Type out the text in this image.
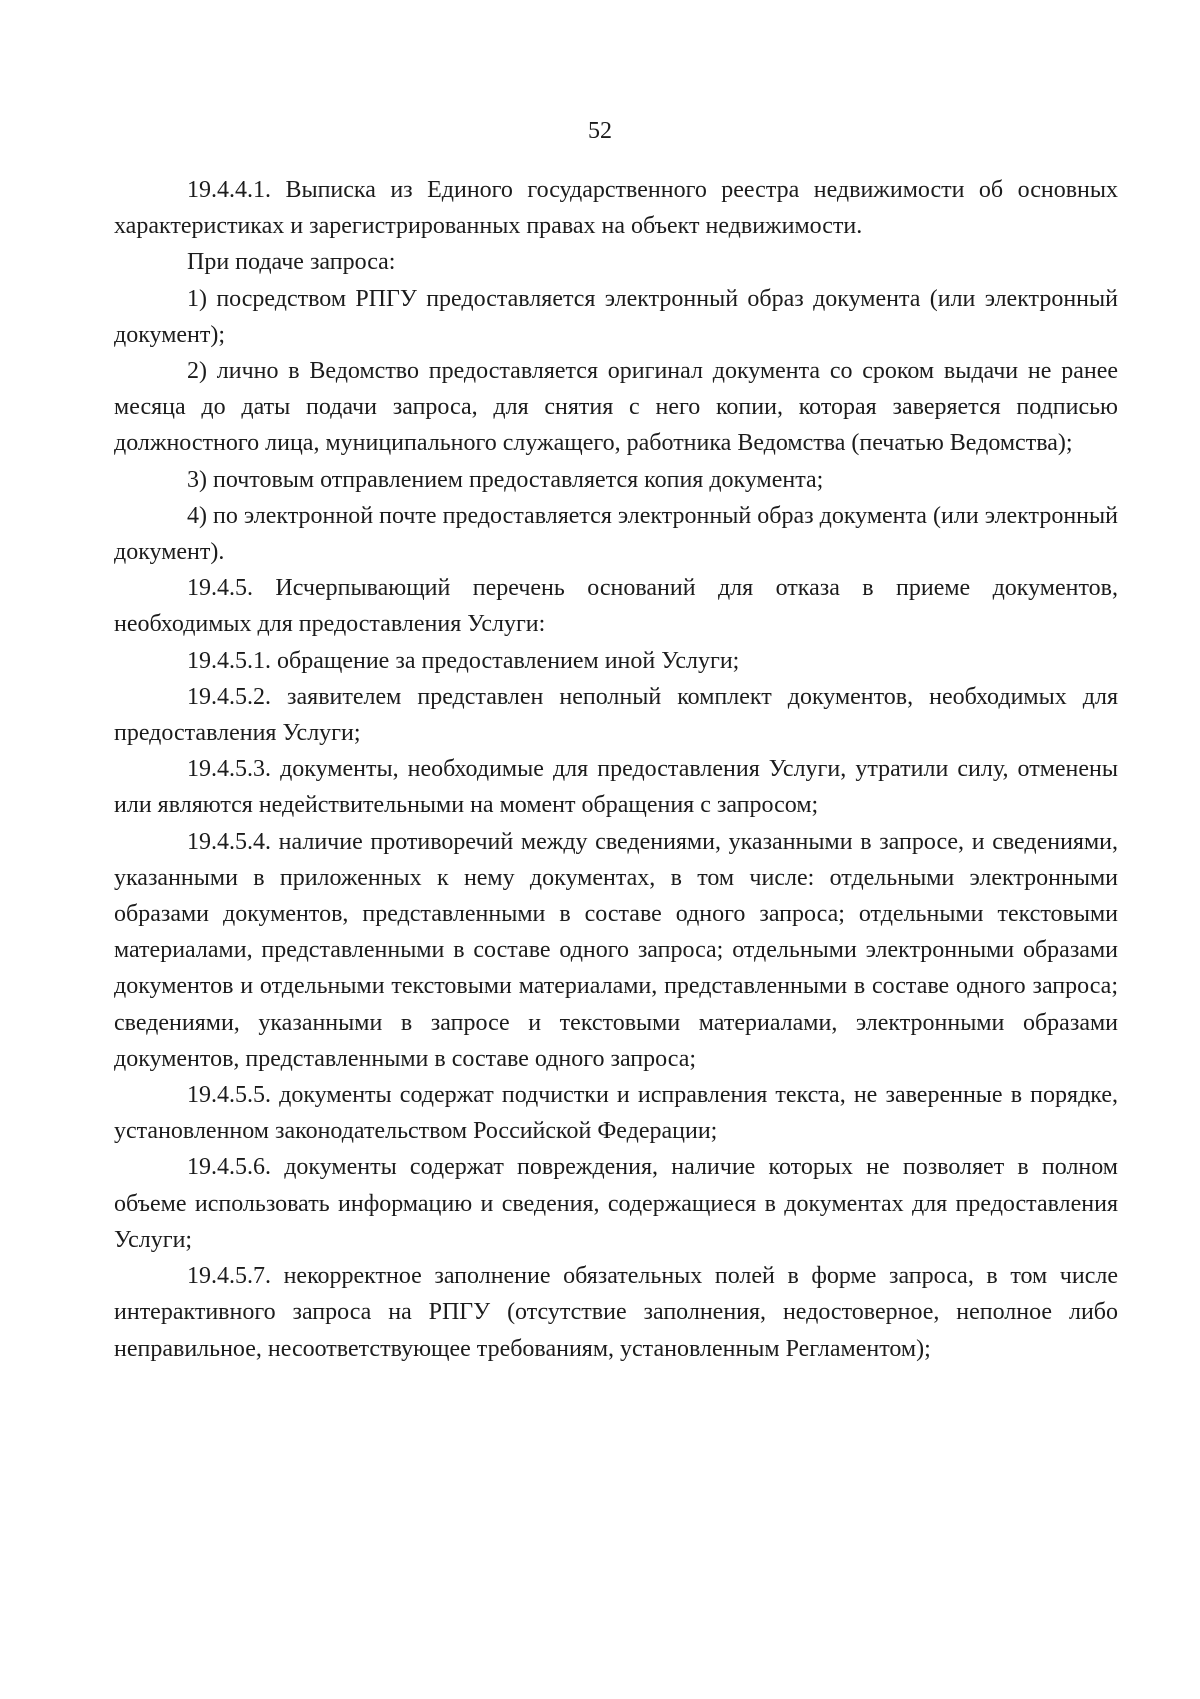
52

19.4.4.1. Выписка из Единого государственного реестра недвижимости об основных характеристиках и зарегистрированных правах на объект недвижимости.

При подаче запроса:

1) посредством РПГУ предоставляется электронный образ документа (или электронный документ);

2) лично в Ведомство предоставляется оригинал документа со сроком выдачи не ранее месяца до даты подачи запроса, для снятия с него копии, которая заверяется подписью должностного лица, муниципального служащего, работника Ведомства (печатью Ведомства);

3) почтовым отправлением предоставляется копия документа;

4) по электронной почте предоставляется электронный образ документа (или электронный документ).

19.4.5. Исчерпывающий перечень оснований для отказа в приеме документов, необходимых для предоставления Услуги:

19.4.5.1. обращение за предоставлением иной Услуги;

19.4.5.2. заявителем представлен неполный комплект документов, необходимых для предоставления Услуги;

19.4.5.3. документы, необходимые для предоставления Услуги, утратили силу, отменены или являются недействительными на момент обращения с запросом;

19.4.5.4. наличие противоречий между сведениями, указанными в запросе, и сведениями, указанными в приложенных к нему документах, в том числе: отдельными электронными образами документов, представленными в составе одного запроса; отдельными текстовыми материалами, представленными в составе одного запроса; отдельными электронными образами документов и отдельными текстовыми материалами, представленными в составе одного запроса; сведениями, указанными в запросе и текстовыми материалами, электронными образами документов, представленными в составе одного запроса;

19.4.5.5. документы содержат подчистки и исправления текста, не заверенные в порядке, установленном законодательством Российской Федерации;

19.4.5.6. документы содержат повреждения, наличие которых не позволяет в полном объеме использовать информацию и сведения, содержащиеся в документах для предоставления Услуги;

19.4.5.7. некорректное заполнение обязательных полей в форме запроса, в том числе интерактивного запроса на РПГУ (отсутствие заполнения, недостоверное, неполное либо неправильное, несоответствующее требованиям, установленным Регламентом);
